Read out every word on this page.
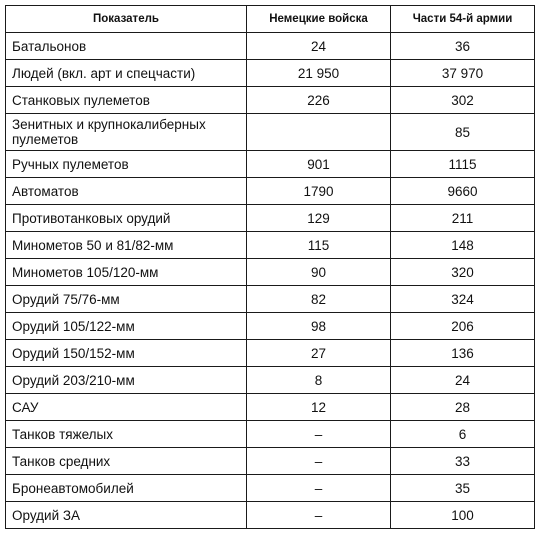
Показатель	Немецкие войска	Части 54-й армии
Батальонов	24	36
Людей (вкл. арт и спецчасти)	21 950	37 970
Станковых пулеметов	226	302
Зенитных и крупнокалиберных пулеметов		85
Ручных пулеметов	901	1115
Автоматов	1790	9660
Противотанковых орудий	129	211
Минометов 50 и 81/82-мм	115	148
Минометов 105/120-мм	90	320
Орудий 75/76-мм	82	324
Орудий 105/122-мм	98	206
Орудий 150/152-мм	27	136
Орудий 203/210-мм	8	24
САУ	12	28
Танков тяжелых	–	6
Танков средних	–	33
Бронеавтомобилей	–	35
Орудий ЗА	–	100
